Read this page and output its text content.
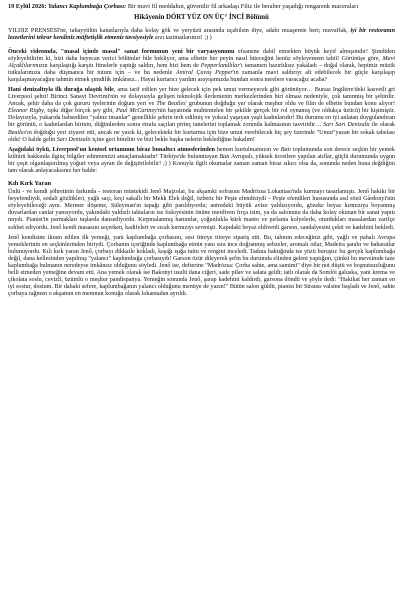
19 Eylül 2026: Yalancı Kaplumbağa Çorbası: Bir mavi fil meddahın, güvenilir fil arkadaşı Filiz ile beraber yaşadığı rengarenk maceraları
Hikâyenin DÖRT YÜZ ON ÜÇ° İNCİ Bölümü

YILDIZ PRENSESİ'ne, tahayyülün kanatlarıyla daha kolay gök ve yeryüzü arasında uçabilsin diye, adabı muaşerete beri; muvaffak, iyi bir restoranın lezzetlerini tekrar kendiniz müftetişlik etmeniz tavsiyesiyle arzı tazimatlarımız! ;) )

Önceki videomda, "masal içinde masal" sanat formunun yeni bir varyasyonunu efsanene dahil etmekten büyük keyif almışımdır! Şimdiden söyleyebilirim ki, bizi daha heyecan verici bölümler bile bekliyor, ama elbette her peyin nasıl biteceğini henüz söyleyemem tabii! Görünüşe göre, Mavi Alçaklılarımızın karşılaştığı karşıtı fitnelerle yaptığı saldırı, hem bizi hem de Pepperlandlılar'ı tamamen hazırlıksız yakaladı – doğal olarak, hepimiz müzik tutkularımıza daha düşmanca bir tutum için – ve bu nedenle Amiral Çavuş Pepper'ın zamanla mavi saldırıyı alt edebilecek bir güçle karşılaşıp karşılaşmayacağını tahmin etmek şimdilik imkânsız... Hayat kurtarıcı yardım arayışımızda bundan sonra nerelere varacağız acaba?

Hani denizaltıyla ilk durağa ulaştık bile, ama tarif edilen yer bize gelecek için pek umut vermeyecek gibi görünüyor… Burası Ingiltere'deki kasvetli gri Liverpool şehri! Birinci Sanayi Devrimi'nin ve dolayısıyla gelişen teknolojik ilerlemenin merkezlerinden biri olması nedeniyle, çok tanınmış bir şehirdir. Ancak, şehir daha da çok gururu iyelerinin doğum yeri ve The Beatles' grubunun doğduğu yer olarak meşhur oldu ve film de elbette bundan konu alıyor! Eleanor Rigby, tıpkı diğer birçok şey gibi, Paul McCartney'nin hayatında muhtemelen bir şekilde gerçek bir rol oynamış (ve oldukça üzücü) bir kişimiştir. Dolayısıyla, yukarıda bahsedilen "yalnız insanlar" genellikle şehrin terk edilmiş ve yoksul yaşayan yaşlı kadınlarıdır! Bu durumu en iyi anlatan duygulandıran bir görüntü, o kadınlardan birinin, düğünlerden sonra etrafa saçılan pirinç tanelerini toplamak zorunda kalmasının tasviridir… Sarı Sarı Denizaltı ile olarak Beatles'ın doğduğu yeri ziyaret etti, ancak ne yazık ki, gelecekteki bir kurtarma için bize umut verebilecek hiç şey üzerinde "Umut"yazan bir sokak tabelası oldu! O halde gelin Sarı Denizaltı içine geri binelim ve bizi bekle başka nelerin beklediğine bakalım!

Aşağıdaki öykü, Liverpool'un kentsel ortamının biraz bunaltıcı atmosferinden hemen kurtulmamızın ve Batı toplumunda son derece seçkin bir yemek kültürü hakkında ilginç bilgiler edinmemizi amaçlamaktadır! Türkiye'de bulunmayan Batı Avrupalı, yüksek ücretlere yapılan atıflar, güçlü durumunda uygun bir çeşit olgunlaştırılmış yoğurt veya ayran ile değiştirilebilir! ;) ) Konuyla ilgili okumalar zaman zaman biraz sıkıcı olsa da, sonunda neden buna değdiğini tam olarak anlayacaksınız her halde:

Kılı Kırk Yaran

Ünlü - ve kendi şöhretinin farkında - restoran müstekidi Jenő Majzolai, bu akşamki sofrasını Madrözsa Lokantası'nda kurmayı tasarlamıştı. Jenő hakiki bir beyefendiydi, sodali gözlükleri, yağlı saçı, keçi sakallı bir Mekk Elek değil, özbeöz bir Peşte efendisiydi – Peşte efendileri hususunda asıl sözü Gárdonyi'nin söyleyebileceği aynı. Mermer döşeme, Süleyman'ın tapağı gibi parıldıyordu; antredeki büyük avize yaldızıyordu, gözeke beyaz kırmızıya boyanmış duvarlardan canlar yansıyordu, yakındaki yaldızlı tahtaların ise fıskıyesinin önüne merdiven fırça isim, ya da salonunu da daha kolay okunan bir sanat yapıtı mıydı. Pianist'in parmakları tuşlarda dansediyordu. Kırpmalanmış hanımlar, çoğunlukla kürk manto ve pırlanta kolyelerle, oturdukları masalardan zarifçe sohbet ediyordu. Jenő kendi masasını seçerken, kadifeleri ve sıcak kırmızıyı sevmişti. Kapıdaki beyaz eldivenli garson, sandalyesini çekti ve kadehini bekledi.

Jenő kendisine ikram edilen ilk yemeği, yani kaplumbağa çorbasını, sesi titreye titreye sipariş etti. Bu, tahmin edeceğiniz gibi, yağlı ve pahalı Avrupa yemeklerinin en seçkinlerinden biriydi. Çorbanın içeriğinde kaplumbağa etinin yanı sıra ince doğranmış sebzeler, aromalı otlar, Madeira şarabı ve baharatlar bulunuyordu. Kılı kırk yaran Jenő, çorbayı dikkatle kokladı, kaşığı ışığa tuttu ve rengini inceledi. Tadına baktığında ise yüzü buruştu: bu gerçek kaplumbağa değil, dana kellesinden yapılmış "yalancı" kaplumbağa çorbasıydı! Garson özür dileyerek şefin bu durumda elinden geleni yaptığını, çünkü bu mevsimde taze kaplumbağa bulmanın neredeyse imkânsız olduğunu söyledi. Jenő ise, defterine "Madrözsa: Çorba sahte, ama samimi" diye bir not düştü ve hoşnutsuzluğunu belli etmeden yemeğine devam etti. Ana yemek olarak ise Bakonyi usulü dana ciğeri, sade pilav ve salata geldi; tatlı olarak da Somlói galuska, yani krema ve çikolata soslu, cevizli, üzümlü o meşhur pandispanya. Yemeğin sonunda Jenő, şarap kadehini kaldırdı, garsona döndü ve şöyle dedi: "Hakikat her zaman en iyi sostur, dostum. Bir dahaki sefere, kaplumbağanın yalancı olduğunu menüye de yazın!" Bütün salon güldü, pianist bir Strauss valsine başladı ve Jenő, sahte çorbaya rağmen o akşamın en memnun konuğu olarak lokantadan ayrıldı.
